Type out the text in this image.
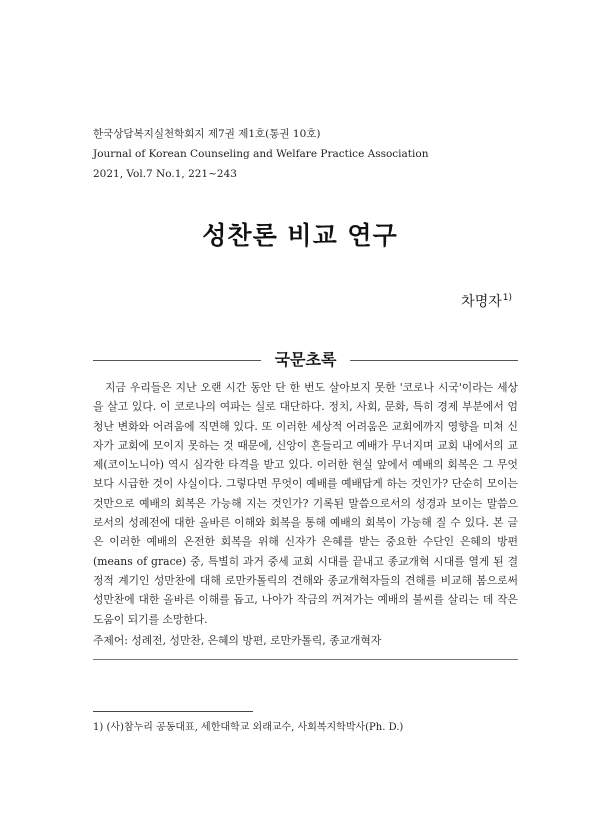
한국상담복지실천학회지 제7권 제1호(통권 10호)
Journal of Korean Counseling and Welfare Practice Association
2021, Vol.7 No.1, 221~243
성찬론 비교 연구
차명자$^{1)}$
국문초록

지금 우리들은 지난 오랜 시간 동안 단 한 번도 살아보지 못한 '코로나 시국'이라는 세상을 살고 있다. 이 코로나의 여파는 실로 대단하다. 정치, 사회, 문화, 특히 경제 부분에서 엄청난 변화와 어려움에 직면해 있다. 또 이러한 세상적 어려움은 교회에까지 영향을 미쳐 신자가 교회에 모이지 못하는 것 때문에, 신앙이 흔들리고 예배가 무너지며 교회 내에서의 교제(코이노니아) 역시 심각한 타격을 받고 있다. 이러한 현실 앞에서 예배의 회복은 그 무엇보다 시급한 것이 사실이다. 그렇다면 무엇이 예배를 예배답게 하는 것인가? 단순히 모이는 것만으로 예배의 회복은 가능해 지는 것인가? 기록된 말씀으로서의 성경과 보이는 말씀으로서의 성례전에 대한 올바른 이해와 회복을 통해 예배의 회복이 가능해 질 수 있다. 본 글은 이러한 예배의 온전한 회복을 위해 신자가 은혜를 받는 중요한 수단인 은혜의 방편(means of grace) 중, 특별히 과거 중세 교회 시대를 끝내고 종교개혁 시대를 열게 된 결정적 계기인 성만찬에 대해 로만카톨릭의 견해와 종교개혁자들의 견해를 비교해 봄으로써 성만찬에 대한 올바른 이해를 돕고, 나아가 작금의 꺼져가는 예배의 불씨를 살리는 데 작은 도움이 되기를 소망한다.

주제어: 성례전, 성만찬, 은혜의 방편, 로만카톨릭, 종교개혁자
1) (사)참누리 공동대표, 세한대학교 외래교수, 사회복지학박사(Ph. D.)
